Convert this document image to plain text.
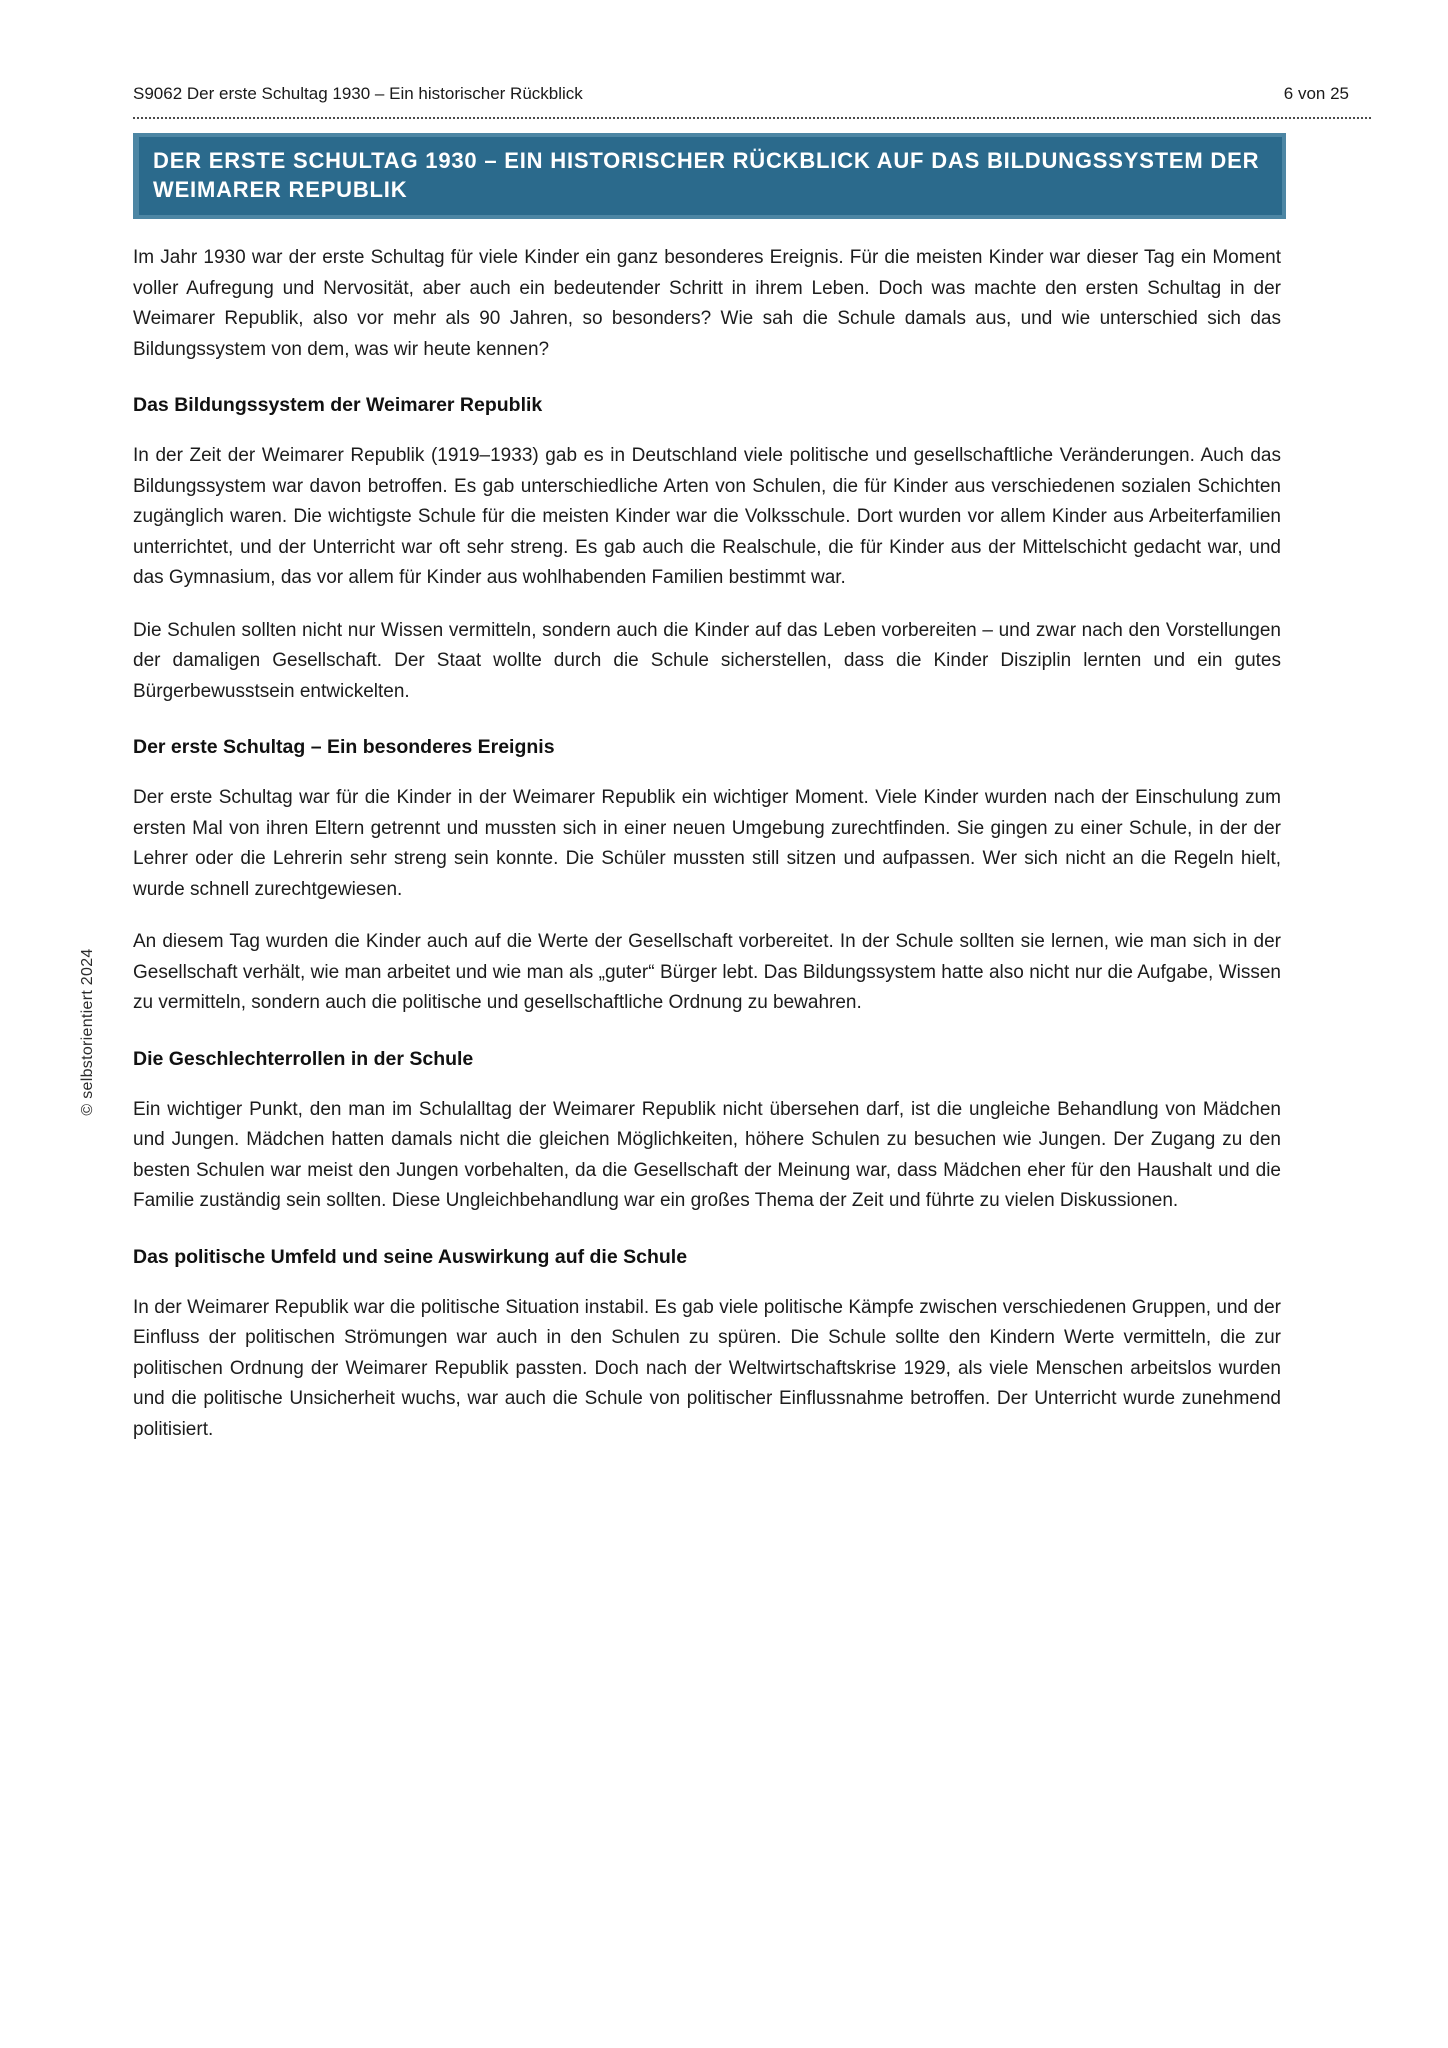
© selbstorientiert 2024
S9062 Der erste Schultag 1930 – Ein historischer Rückblick	6 von 25
DER ERSTE SCHULTAG 1930 – EIN HISTORISCHER RÜCKBLICK AUF DAS BILDUNGSSYSTEM DER WEIMARER REPUBLIK

Im Jahr 1930 war der erste Schultag für viele Kinder ein ganz besonderes Ereignis. Für die meisten Kinder war dieser Tag ein Moment voller Aufregung und Nervosität, aber auch ein bedeutender Schritt in ihrem Leben. Doch was machte den ersten Schultag in der Weimarer Republik, also vor mehr als 90 Jahren, so besonders? Wie sah die Schule damals aus, und wie unterschied sich das Bildungssystem von dem, was wir heute kennen?

Das Bildungssystem der Weimarer Republik

In der Zeit der Weimarer Republik (1919–1933) gab es in Deutschland viele politische und gesellschaftliche Veränderungen. Auch das Bildungssystem war davon betroffen. Es gab unterschiedliche Arten von Schulen, die für Kinder aus verschiedenen sozialen Schichten zugänglich waren. Die wichtigste Schule für die meisten Kinder war die Volksschule. Dort wurden vor allem Kinder aus Arbeiterfamilien unterrichtet, und der Unterricht war oft sehr streng. Es gab auch die Realschule, die für Kinder aus der Mittelschicht gedacht war, und das Gymnasium, das vor allem für Kinder aus wohlhabenden Familien bestimmt war.

Die Schulen sollten nicht nur Wissen vermitteln, sondern auch die Kinder auf das Leben vorbereiten – und zwar nach den Vorstellungen der damaligen Gesellschaft. Der Staat wollte durch die Schule sicherstellen, dass die Kinder Disziplin lernten und ein gutes Bürgerbewusstsein entwickelten.

Der erste Schultag – Ein besonderes Ereignis

Der erste Schultag war für die Kinder in der Weimarer Republik ein wichtiger Moment. Viele Kinder wurden nach der Einschulung zum ersten Mal von ihren Eltern getrennt und mussten sich in einer neuen Umgebung zurechtfinden. Sie gingen zu einer Schule, in der der Lehrer oder die Lehrerin sehr streng sein konnte. Die Schüler mussten still sitzen und aufpassen. Wer sich nicht an die Regeln hielt, wurde schnell zurechtgewiesen.

An diesem Tag wurden die Kinder auch auf die Werte der Gesellschaft vorbereitet. In der Schule sollten sie lernen, wie man sich in der Gesellschaft verhält, wie man arbeitet und wie man als „guter“ Bürger lebt. Das Bildungssystem hatte also nicht nur die Aufgabe, Wissen zu vermitteln, sondern auch die politische und gesellschaftliche Ordnung zu bewahren.

Die Geschlechterrollen in der Schule

Ein wichtiger Punkt, den man im Schulalltag der Weimarer Republik nicht übersehen darf, ist die ungleiche Behandlung von Mädchen und Jungen. Mädchen hatten damals nicht die gleichen Möglichkeiten, höhere Schulen zu besuchen wie Jungen. Der Zugang zu den besten Schulen war meist den Jungen vorbehalten, da die Gesellschaft der Meinung war, dass Mädchen eher für den Haushalt und die Familie zuständig sein sollten. Diese Ungleichbehandlung war ein großes Thema der Zeit und führte zu vielen Diskussionen.

Das politische Umfeld und seine Auswirkung auf die Schule

In der Weimarer Republik war die politische Situation instabil. Es gab viele politische Kämpfe zwischen verschiedenen Gruppen, und der Einfluss der politischen Strömungen war auch in den Schulen zu spüren. Die Schule sollte den Kindern Werte vermitteln, die zur politischen Ordnung der Weimarer Republik passten. Doch nach der Weltwirtschaftskrise 1929, als viele Menschen arbeitslos wurden und die politische Unsicherheit wuchs, war auch die Schule von politischer Einflussnahme betroffen. Der Unterricht wurde zunehmend politisiert.
